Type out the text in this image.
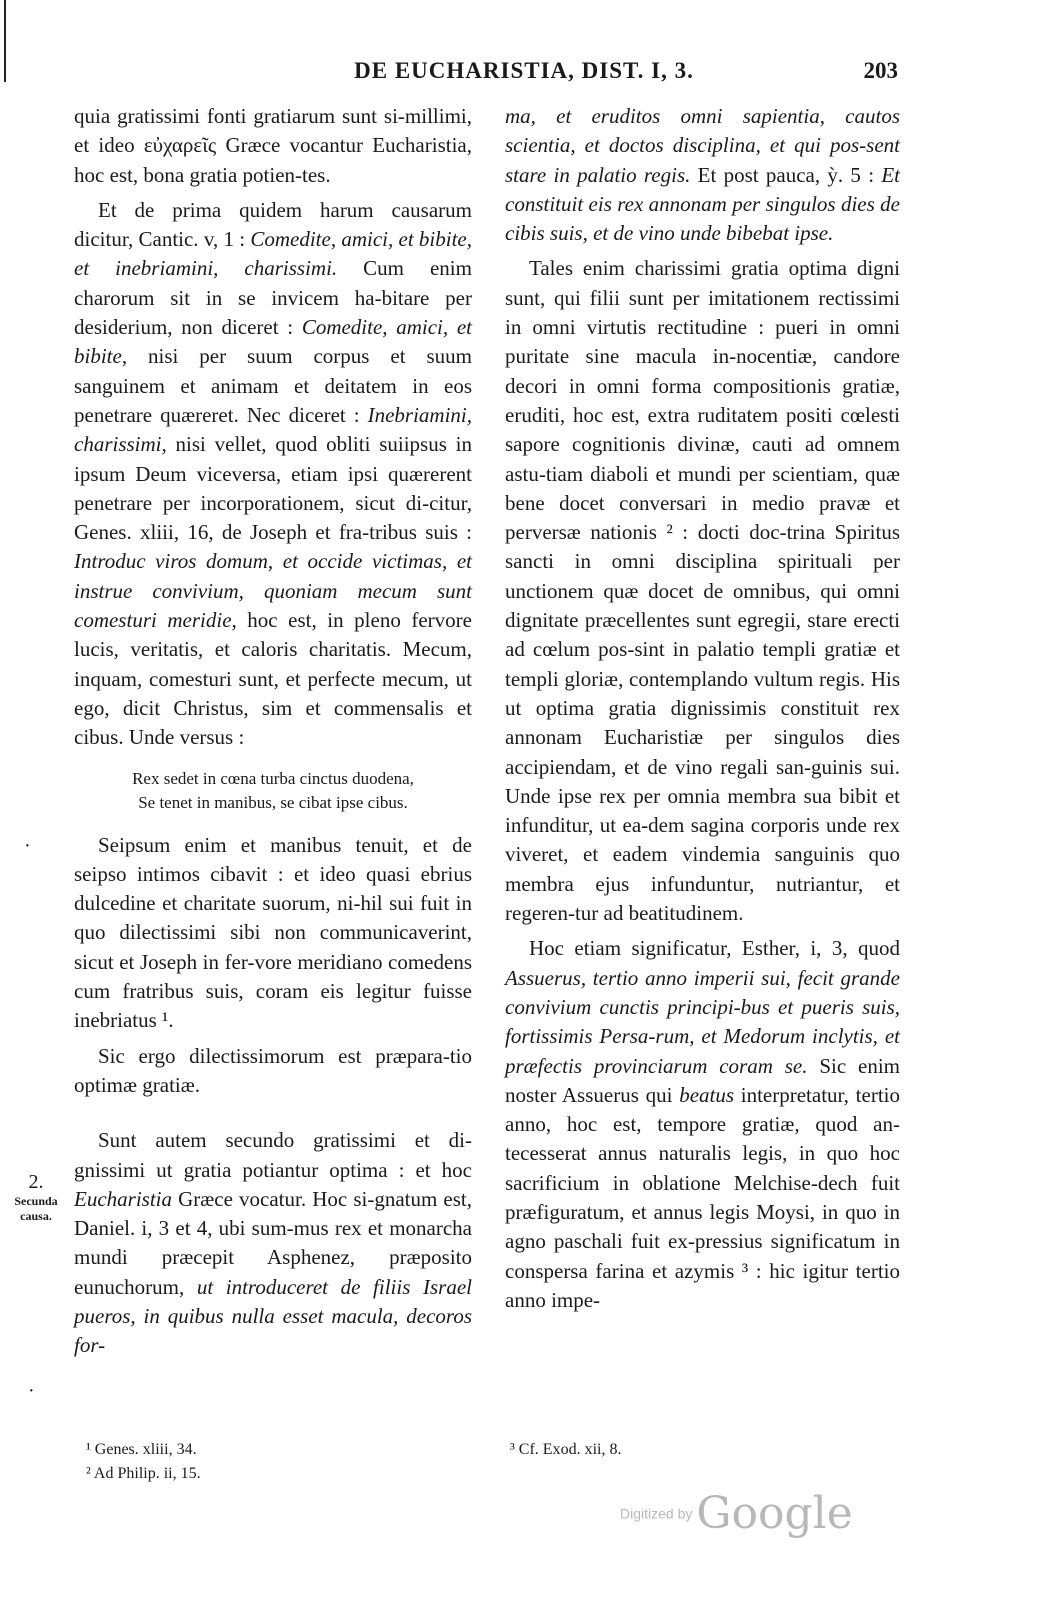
DE EUCHARISTIA, DIST. I, 3.	203

quia gratissimi fonti gratiarum sunt si-millimi, et ideo εὐχαρεῖς Græce vocantur Eucharistia, hoc est, bona gratia potien-tes.

Et de prima quidem harum causarum dicitur, Cantic. v, 1 : Comedite, amici, et bibite, et inebriamini, charissimi. Cum enim charorum sit in se invicem ha-bitare per desiderium, non diceret : Comedite, amici, et bibite, nisi per suum corpus et suum sanguinem et animam et deitatem in eos penetrare quæreret. Nec diceret : Inebriamini, charissimi, nisi vellet, quod obliti suiipsus in ipsum Deum viceversa, etiam ipsi quærerent penetrare per incorporationem, sicut di-citur, Genes. xliii, 16, de Joseph et fra-tribus suis : Introduc viros domum, et occide victimas, et instrue convivium, quoniam mecum sunt comesturi meridie, hoc est, in pleno fervore lucis, veritatis, et caloris charitatis. Mecum, inquam, comesturi sunt, et perfecte mecum, ut ego, dicit Christus, sim et commensalis et cibus. Unde versus :

Rex sedet in cœna turba cinctus duodena,
Se tenet in manibus, se cibat ipse cibus.

Seipsum enim et manibus tenuit, et de seipso intimos cibavit : et ideo quasi ebrius dulcedine et charitate suorum, ni-hil sui fuit in quo dilectissimi sibi non communicaverint, sicut et Joseph in fer-vore meridiano comedens cum fratribus suis, coram eis legitur fuisse inebriatus ¹.

Sic ergo dilectissimorum est præpara-tio optimæ gratiæ.

Sunt autem secundo gratissimi et di-gnissimi ut gratia potiantur optima : et hoc Eucharistia Græce vocatur. Hoc si-gnatum est, Daniel. i, 3 et 4, ubi sum-mus rex et monarcha mundi præcepit Asphenez, præposito eunuchorum, ut introduceret de filiis Israel pueros, in quibus nulla esset macula, decoros for-

2.
Secunda
causa.

ma, et eruditos omni sapientia, cautos scientia, et doctos disciplina, et qui pos-sent stare in palatio regis. Et post pauca, ỳ. 5 : Et constituit eis rex annonam per singulos dies de cibis suis, et de vino unde bibebat ipse.

Tales enim charissimi gratia optima digni sunt, qui filii sunt per imitationem rectissimi in omni virtutis rectitudine : pueri in omni puritate sine macula in-nocentiæ, candore decori in omni forma compositionis gratiæ, eruditi, hoc est, extra ruditatem positi cœlesti sapore cognitionis divinæ, cauti ad omnem astu-tiam diaboli et mundi per scientiam, quæ bene docet conversari in medio pravæ et perversæ nationis ² : docti doc-trina Spiritus sancti in omni disciplina spirituali per unctionem quæ docet de omnibus, qui omni dignitate præcellentes sunt egregii, stare erecti ad cœlum pos-sint in palatio templi gratiæ et templi gloriæ, contemplando vultum regis. His ut optima gratia dignissimis constituit rex annonam Eucharistiæ per singulos dies accipiendam, et de vino regali san-guinis sui. Unde ipse rex per omnia membra sua bibit et infunditur, ut ea-dem sagina corporis unde rex viveret, et eadem vindemia sanguinis quo membra ejus infunduntur, nutriantur, et regeren-tur ad beatitudinem.

Hoc etiam significatur, Esther, i, 3, quod Assuerus, tertio anno imperii sui, fecit grande convivium cunctis principi-bus et pueris suis, fortissimis Persa-rum, et Medorum inclytis, et præfectis provinciarum coram se. Sic enim noster Assuerus qui beatus interpretatur, tertio anno, hoc est, tempore gratiæ, quod an-tecesserat annus naturalis legis, in quo hoc sacrificium in oblatione Melchise-dech fuit præfiguratum, et annus legis Moysi, in quo in agno paschali fuit ex-pressius significatum in conspersa farina et azymis ³ : hic igitur tertio anno impe-

¹ Genes. xliii, 34.
² Ad Philip. ii, 15.
³ Cf. Exod. xii, 8.
·
·
Digitized by Google
